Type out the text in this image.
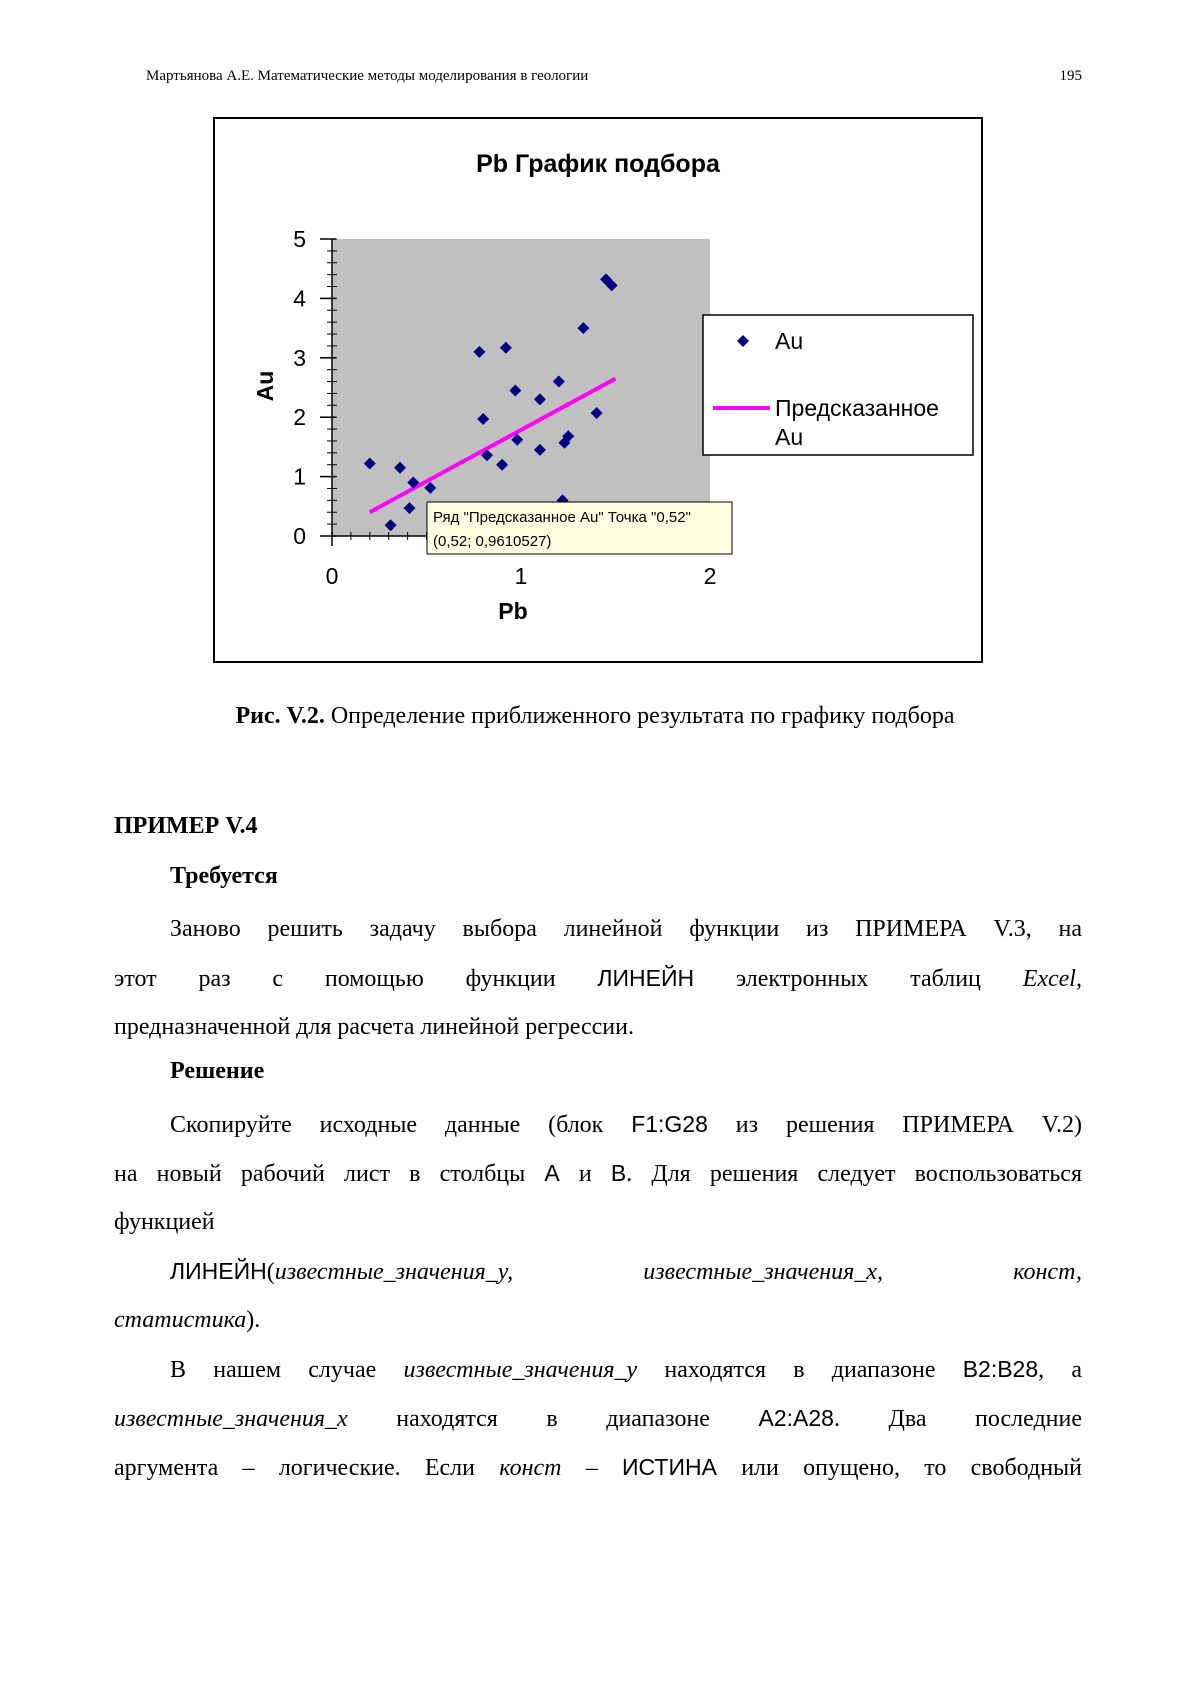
Мартьянова А.Е. Математические методы моделирования в геологии	195
Pb График подбора
0
1
2
3
4
5
0	1	2
Pb
Au
Ряд "Предсказанное Au" Точка "0,52"
(0,52; 0,9610527)
Au
Предсказанное
Au
Рис. V.2. Определение приближенного результата по графику подбора
ПРИМЕР V.4
Требуется
Заново решить задачу выбора линейной функции из ПРИМЕРА V.3, на
этот раз с помощью функции ЛИНЕЙН электронных таблиц Excel,
предназначенной для расчета линейной регрессии.
Решение
Скопируйте исходные данные (блок F1:G28 из решения ПРИМЕРА V.2)
на новый рабочий лист в столбцы A и B. Для решения следует воспользоваться
функцией
ЛИНЕЙН(известные_значения_y,	известные_значения_x,	конст,
статистика).
В нашем случае известные_значения_y находятся в диапазоне B2:B28, а
известные_значения_x находятся в диапазоне A2:A28. Два последние
аргумента – логические. Если конст – ИСТИНА или опущено, то свободный
